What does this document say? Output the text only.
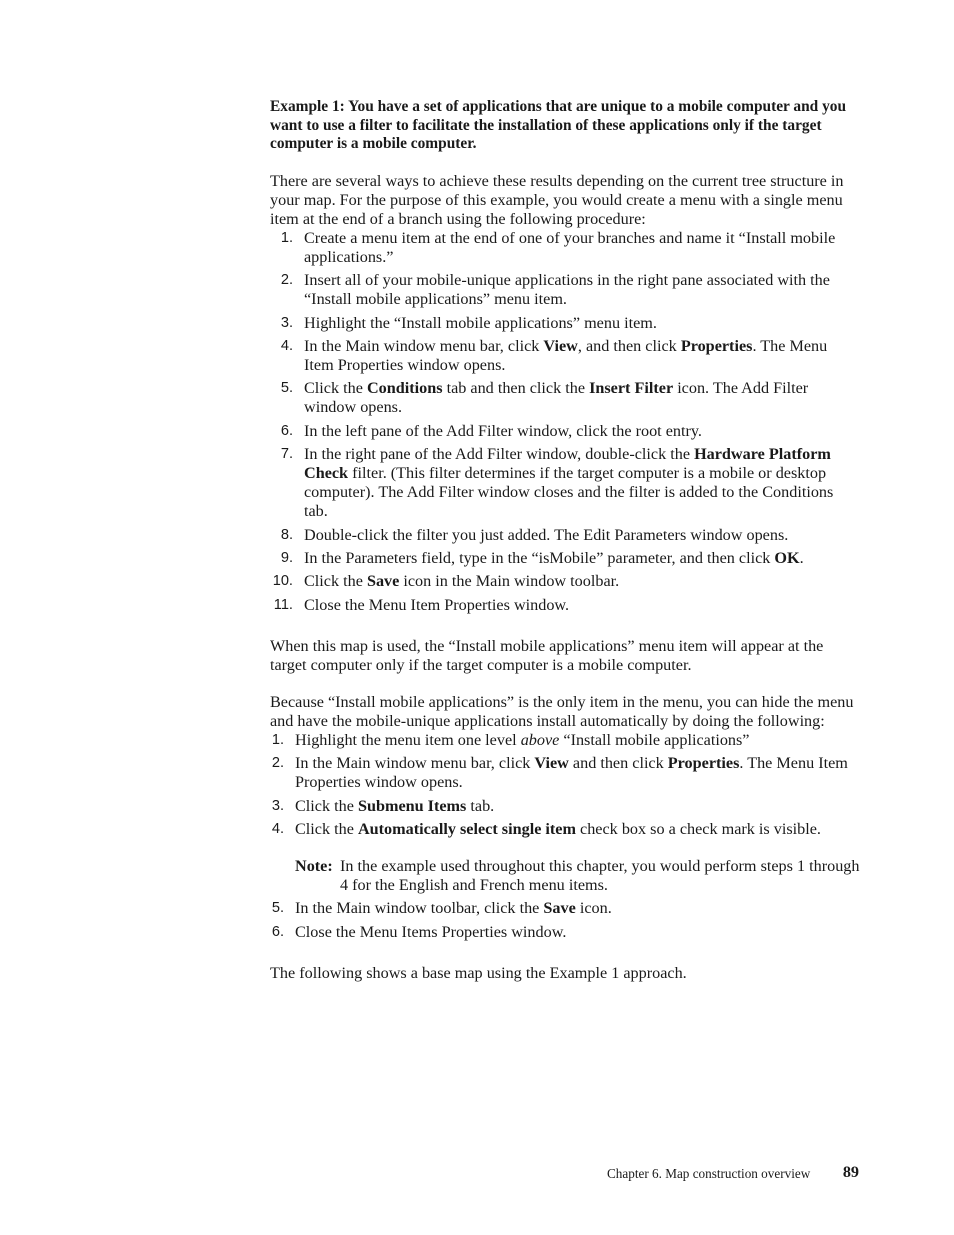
Example 1: You have a set of applications that are unique to a mobile computer and you want to use a filter to facilitate the installation of these applications only if the target computer is a mobile computer.

There are several ways to achieve these results depending on the current tree structure in your map. For the purpose of this example, you would create a menu with a single menu item at the end of a branch using the following procedure:

1. Create a menu item at the end of one of your branches and name it “Install mobile applications.”
2. Insert all of your mobile-unique applications in the right pane associated with the “Install mobile applications” menu item.
3. Highlight the “Install mobile applications” menu item.
4. In the Main window menu bar, click View, and then click Properties. The Menu Item Properties window opens.
5. Click the Conditions tab and then click the Insert Filter icon. The Add Filter window opens.
6. In the left pane of the Add Filter window, click the root entry.
7. In the right pane of the Add Filter window, double-click the Hardware Platform Check filter. (This filter determines if the target computer is a mobile or desktop computer). The Add Filter window closes and the filter is added to the Conditions tab.
8. Double-click the filter you just added. The Edit Parameters window opens.
9. In the Parameters field, type in the “isMobile” parameter, and then click OK.
10. Click the Save icon in the Main window toolbar.
11. Close the Menu Item Properties window.

When this map is used, the “Install mobile applications” menu item will appear at the target computer only if the target computer is a mobile computer.

Because “Install mobile applications” is the only item in the menu, you can hide the menu and have the mobile-unique applications install automatically by doing the following:

1. Highlight the menu item one level above “Install mobile applications”
2. In the Main window menu bar, click View and then click Properties. The Menu Item Properties window opens.
3. Click the Submenu Items tab.
4. Click the Automatically select single item check box so a check mark is visible.
Note: In the example used throughout this chapter, you would perform steps 1 through 4 for the English and French menu items.
5. In the Main window toolbar, click the Save icon.
6. Close the Menu Items Properties window.

The following shows a base map using the Example 1 approach.

Chapter 6. Map construction overview 89
